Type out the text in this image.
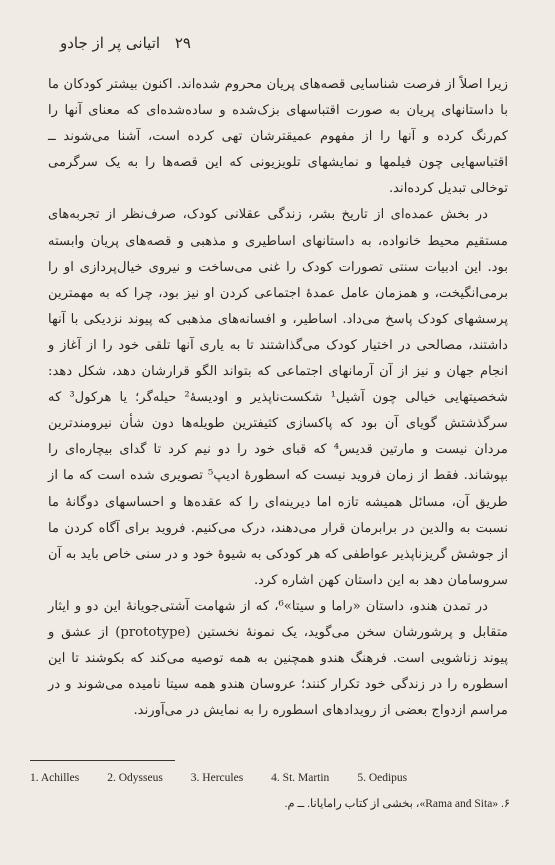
۲۹ اتیانی پر از جادو

زیرا اصلاً از فرصت شناسایی قصه‌های پریان محروم شده‌اند. اکنون بیشتر کودکان ما با داستانهای پریان به صورت اقتباسهای بزک‌شده و ساده‌شده‌ای که معنای آنها را کم‌رنگ کرده و آنها را از مفهوم عمیقترشان تهی کرده است، آشنا می‌شوند ــ اقتباسهایی چون فیلمها و نمایشهای تلویزیونی که این قصه‌ها را به یک سرگرمی توخالی تبدیل کرده‌اند.

در بخش عمده‌ای از تاریخ بشر، زندگی عقلانی کودک، صرف‌نظر از تجربه‌های مستقیم محیط خانواده، به داستانهای اساطیری و مذهبی و قصه‌های پریان وابسته بود. این ادبیات سنتی تصورات کودک را غنی می‌ساخت و نیروی خیال‌پردازی او را برمی‌انگیخت، و همزمان عامل عمدهٔ اجتماعی کردن او نیز بود، چرا که به مهمترین پرسشهای کودک پاسخ می‌داد. اساطیر، و افسانه‌های مذهبی که پیوند نزدیکی با آنها داشتند، مصالحی در اختیار کودک می‌گذاشتند تا به یاری آنها تلقی خود را از آغاز و انجام جهان و نیز از آن آرمانهای اجتماعی که بتواند الگو قرارشان دهد، شکل دهد: شخصیتهایی خیالی چون آشیل¹ شکست‌ناپذیر و اودیسهٔ² حیله‌گر؛ یا هرکول³ که سرگذشتش گویای آن بود که پاکسازی کثیفترین طویله‌ها دون شأن نیرومندترین مردان نیست و مارتین قدیس⁴ که قبای خود را دو نیم کرد تا گدای بیچاره‌ای را بپوشاند. فقط از زمان فروید نیست که اسطورهٔ ادیپ⁵ تصویری شده است که ما از طریق آن، مسائل همیشه تازه اما دیرینه‌ای را که عقده‌ها و احساسهای دوگانهٔ ما نسبت به والدین در برابرمان قرار می‌دهند، درک می‌کنیم. فروید برای آگاه کردن ما از جوشش گریزناپذیر عواطفی که هر کودکی به شیوهٔ خود و در سنی خاص باید به آن سروسامان دهد به این داستان کهن اشاره کرد.

در تمدن هندو، داستان «راما و سیتا»⁶، که از شهامت آشتی‌جویانهٔ این دو و ایثار متقابل و پرشورشان سخن می‌گوید، یک نمونهٔ نخستین (prototype) از عشق و پیوند زناشویی است. فرهنگ هندو همچنین به همه توصیه می‌کند که بکوشند تا این اسطوره را در زندگی خود تکرار کنند؛ عروسان هندو همه سیتا نامیده می‌شوند و در مراسم ازدواج بعضی از رویدادهای اسطوره را به نمایش در می‌آورند.

1. Achilles 2. Odysseus 3. Hercules 4. St. Martin 5. Oedipus
۶. «Rama and Sita»، بخشی از کتاب رامایانا. ــ م.
